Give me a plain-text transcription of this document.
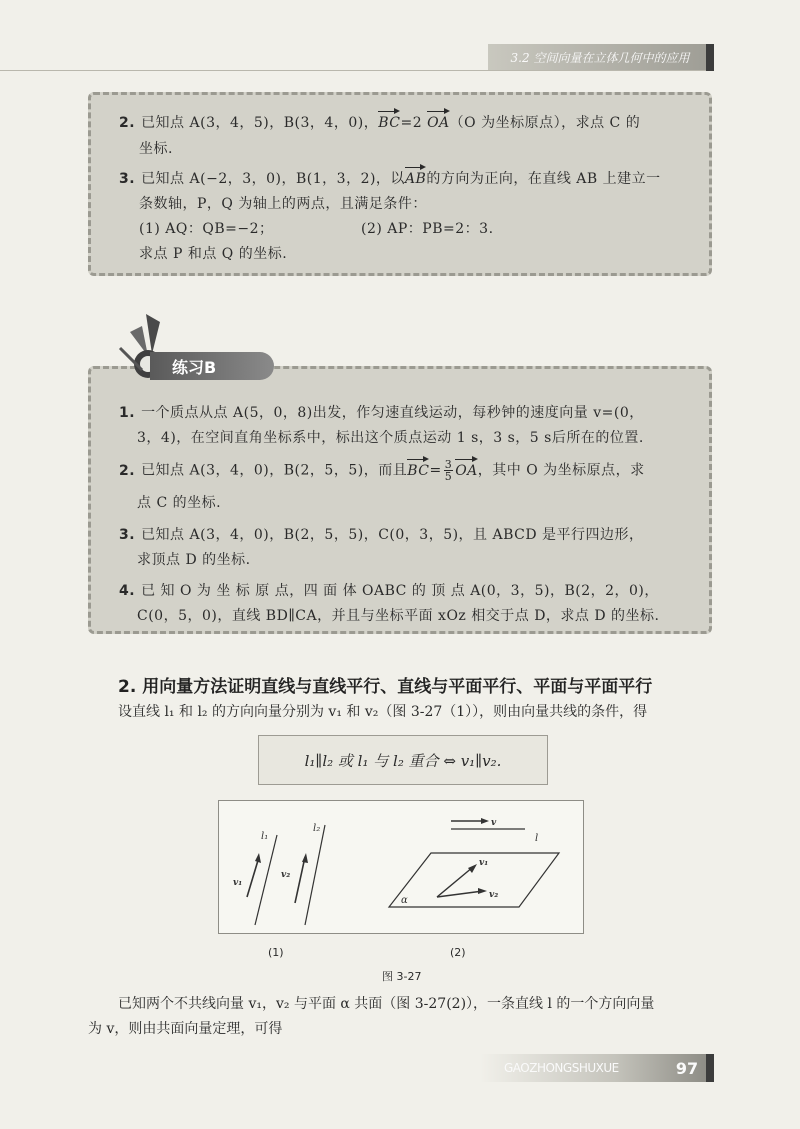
3.2 空间向量在立体几何中的应用
2. 已知点 A(3，4，5)，B(3，4，0)，BC=2 OA（O 为坐标原点），求点 C 的
坐标.
3. 已知点 A(−2，3，0)，B(1，3，2)，以AB的方向为正向，在直线 AB 上建立一
条数轴，P，Q 为轴上的两点，且满足条件：
(1) AQ：QB=−2；	(2) AP：PB=2：3.
求点 P 和点 Q 的坐标.
1. 一个质点从点 A(5，0，8)出发，作匀速直线运动，每秒钟的速度向量 v=(0，
3，4)，在空间直角坐标系中，标出这个质点运动 1 s，3 s，5 s后所在的位置.
2. 已知点 A(3，4，0)，B(2，5，5)，而且$BC= \frac{3}{5}$ OA，其中 O 为坐标原点，求
点 C 的坐标.
3. 已知点 A(3，4，0)，B(2，5，5)，C(0，3，5)，且 ABCD 是平行四边形，
求顶点 D 的坐标.
4. 已 知 O 为 坐 标 原 点，四 面 体 OABC 的 顶 点 A(0，3，5)，B(2，2，0)，
C(0，5，0)，直线 BD∥CA，并且与坐标平面 xOz 相交于点 D，求点 D 的坐标.
练习B
2. 用向量方法证明直线与直线平行、直线与平面平行、平面与平面平行
设直线 l₁ 和 l₂ 的方向向量分别为 v₁ 和 v₂（图 3-27（1）），则由向量共线的条件，得
l₁∥l₂ 或 l₁ 与 l₂ 重合 ⇔ v₁∥v₂.
l₁
l₂
v₁
v₂
v
l
v₁
v₂
α
(1)	(2)
图 3-27
已知两个不共线向量 v₁，v₂ 与平面 α 共面（图 3-27(2)），一条直线 l 的一个方向向量
为 v，则由共面向量定理，可得
GAOZHONGSHUXUE	97
